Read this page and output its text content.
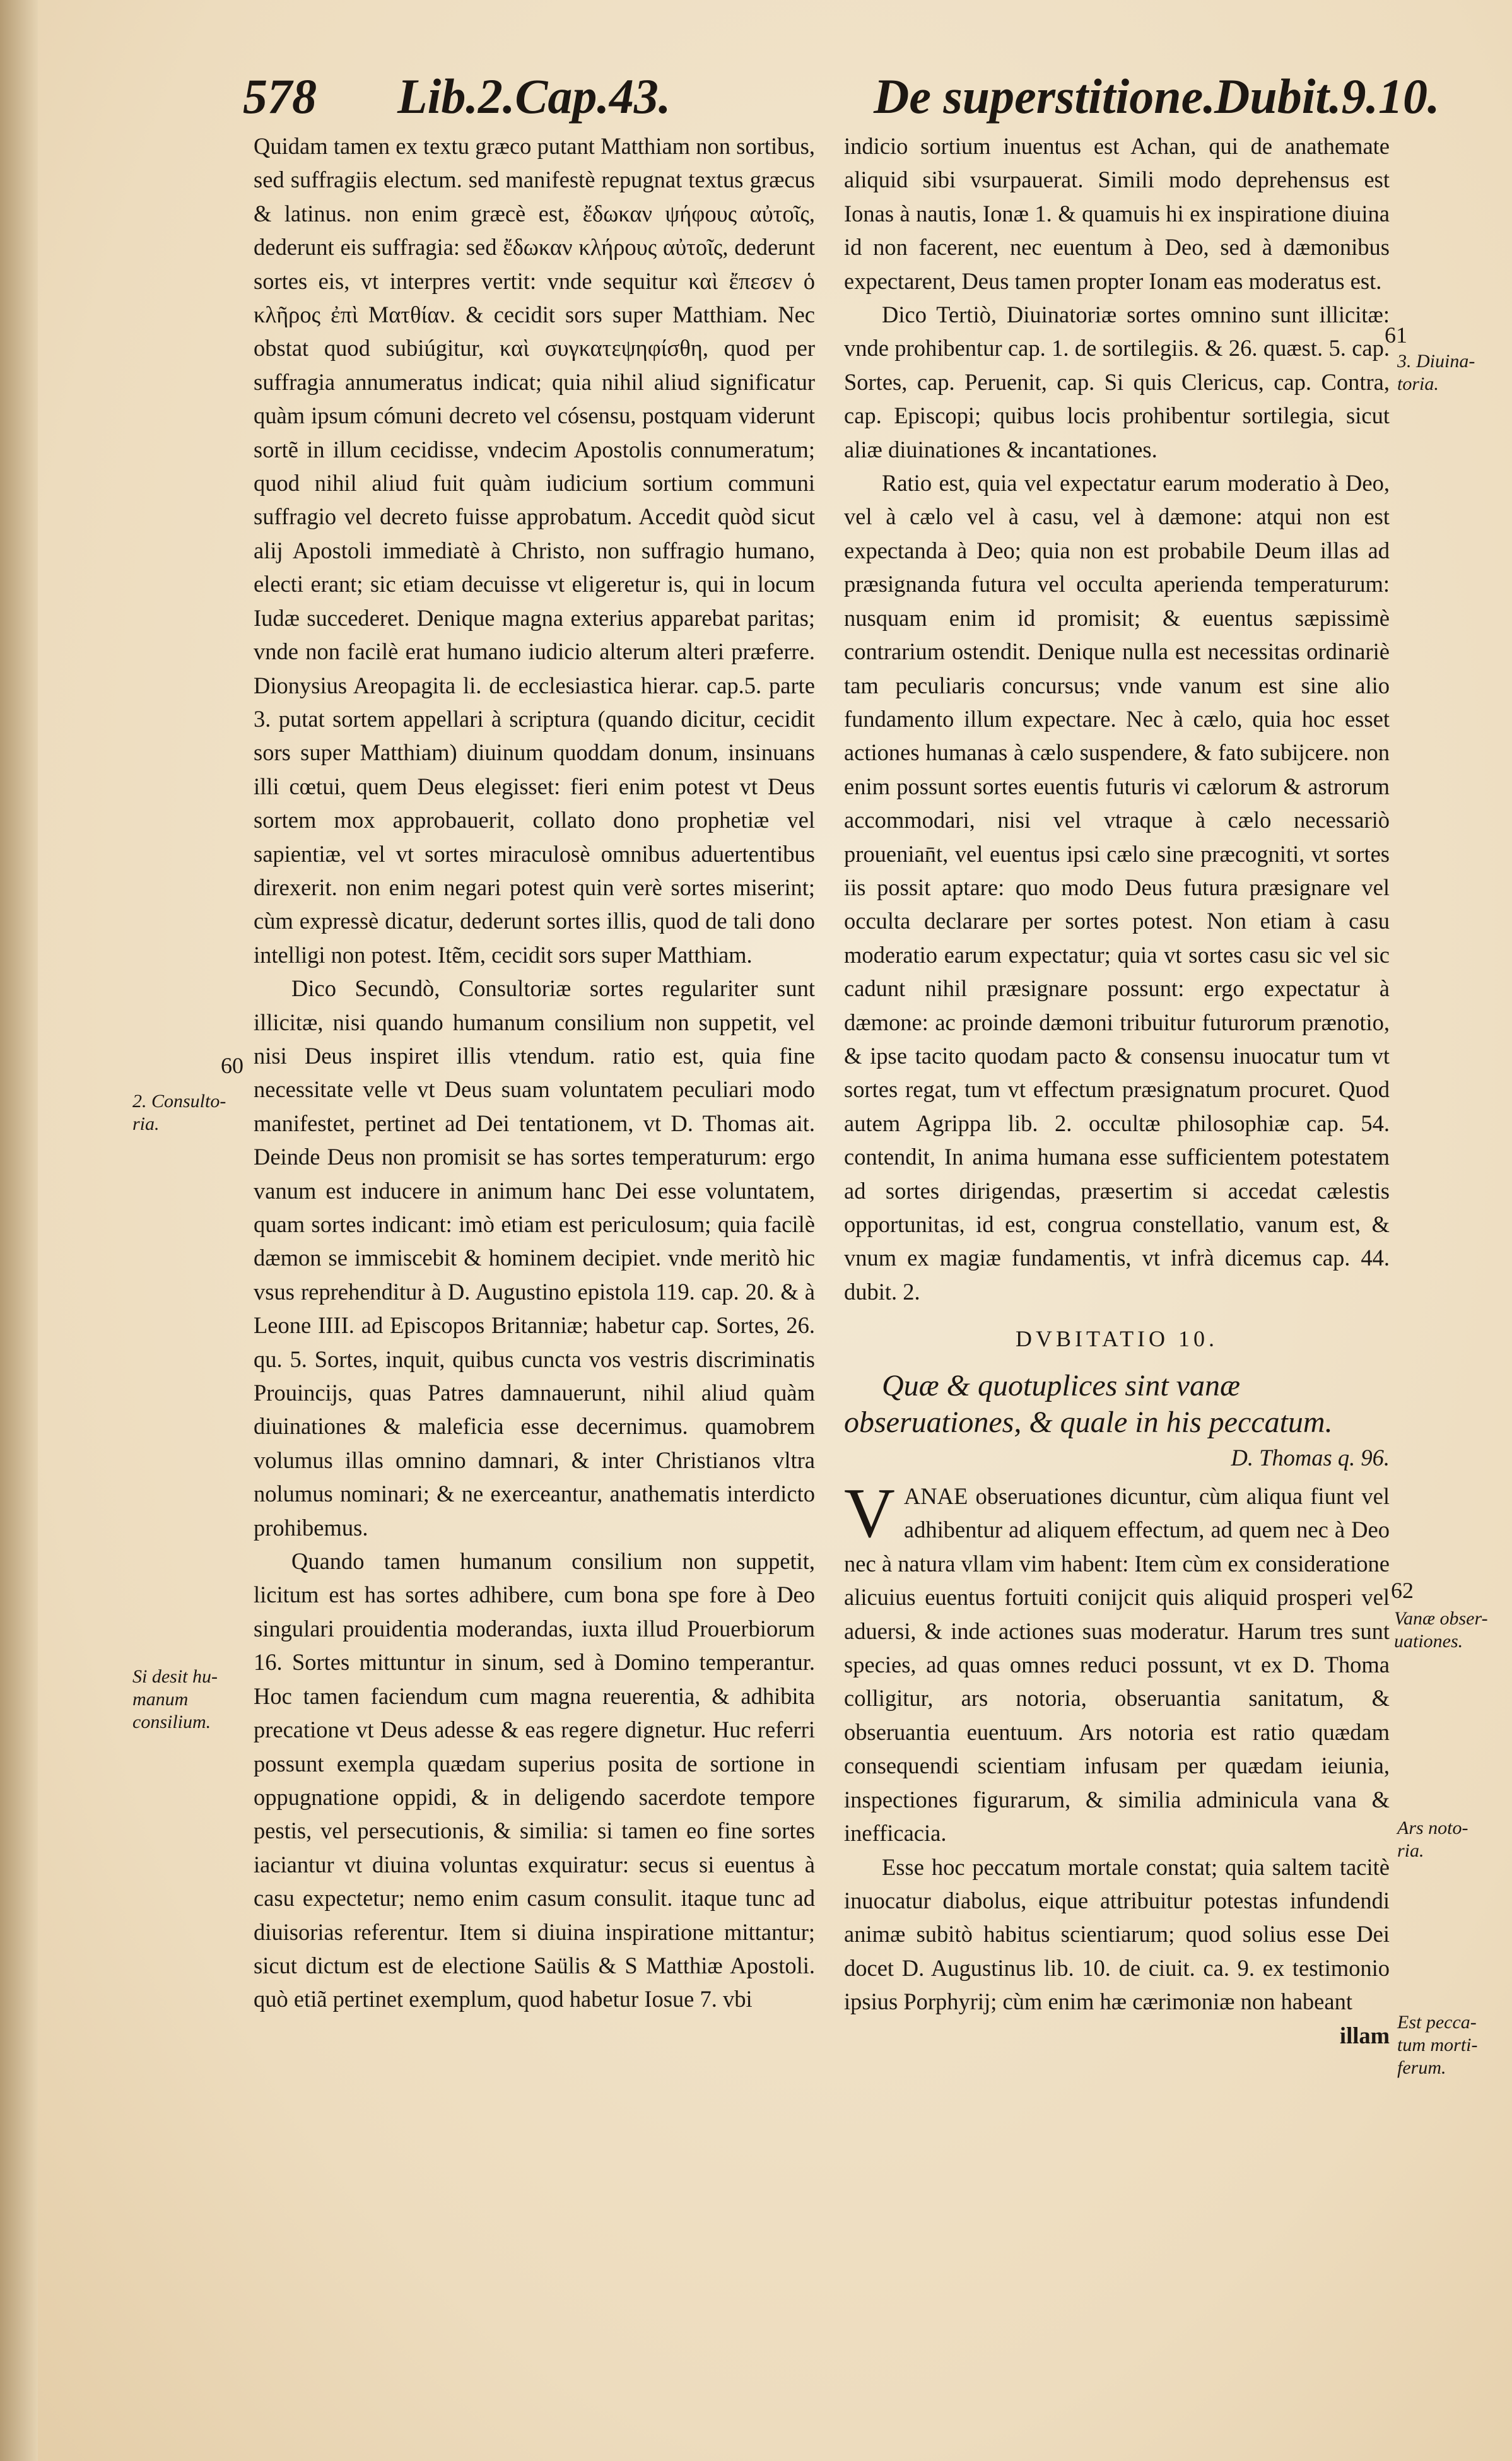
578 Lib.2.Cap.43.	De superstitione.
Dubit.9.10.

Quidam tamen ex textu græco putant Matthiam non sortibus, sed suffragiis electum. sed manifestè repugnat textus græcus & latinus. non enim græcè est, ἔδωκαν ψήφους αὐτοῖς, dederunt eis suffragia: sed ἔδωκαν κλήρους αὐτοῖς, dederunt sortes eis, vt interpres vertit: vnde sequitur καὶ ἔπεσεν ὁ κλῆρος ἐπὶ Ματθίαν. & cecidit sors super Matthiam. Nec obstat quod subiúgitur, καὶ συγκατεψηφίσθη, quod per suffragia annumeratus indicat; quia nihil aliud significatur quàm ipsum cómuni decreto vel cósensu, postquam viderunt sortẽ in illum cecidisse, vndecim Apostolis connumeratum; quod nihil aliud fuit quàm iudicium sortium communi suffragio vel decreto fuisse approbatum. Accedit quòd sicut alij Apostoli immediatè à Christo, non suffragio humano, electi erant; sic etiam decuisse vt eligeretur is, qui in locum Iudæ succederet. Denique magna exterius apparebat paritas; vnde non facilè erat humano iudicio alterum alteri præferre. Dionysius Areopagita li. de ecclesiastica hierar. cap.5. parte 3. putat sortem appellari à scriptura (quando dicitur, cecidit sors super Matthiam) diuinum quoddam donum, insinuans illi cœtui, quem Deus elegisset: fieri enim potest vt Deus sortem mox approbauerit, collato dono prophetiæ vel sapientiæ, vel vt sortes miraculosè omnibus aduertentibus direxerit. non enim negari potest quin verè sortes miserint; cùm expressè dicatur, dederunt sortes illis, quod de tali dono intelligi non potest. Itẽm, cecidit sors super Matthiam.

Dico Secundò, Consultoriæ sortes regulariter sunt illicitæ, nisi quando humanum consilium non suppetit, vel nisi Deus inspiret illis vtendum. ratio est, quia fine necessitate velle vt Deus suam voluntatem peculiari modo manifestet, pertinet ad Dei tentationem, vt D. Thomas ait. Deinde Deus non promisit se has sortes temperaturum: ergo vanum est inducere in animum hanc Dei esse voluntatem, quam sortes indicant: imò etiam est periculosum; quia facilè dæmon se immiscebit & hominem decipiet. vnde meritò hic vsus reprehenditur à D. Augustino epistola 119. cap. 20. & à Leone IIII. ad Episcopos Britanniæ; habetur cap. Sortes, 26. qu. 5. Sortes, inquit, quibus cuncta vos vestris discriminatis Prouincijs, quas Patres damnauerunt, nihil aliud quàm diuinationes & maleficia esse decernimus. quamobrem volumus illas omnino damnari, & inter Christianos vltra nolumus nominari; & ne exerceantur, anathematis interdicto prohibemus.

Quando tamen humanum consilium non suppetit, licitum est has sortes adhibere, cum bona spe fore à Deo singulari prouidentia moderandas, iuxta illud Prouerbiorum 16. Sortes mittuntur in sinum, sed à Domino temperantur. Hoc tamen faciendum cum magna reuerentia, & adhibita precatione vt Deus adesse & eas regere dignetur. Huc referri possunt exempla quædam superius posita de sortione in oppugnatione oppidi, & in deligendo sacerdote tempore pestis, vel persecutionis, & similia: si tamen eo fine sortes iaciantur vt diuina voluntas exquiratur: secus si euentus à casu expectetur; nemo enim casum consulit. itaque tunc ad diuisorias referentur. Item si diuina inspiratione mittantur; sicut dictum est de electione Saülis & S Matthiæ Apostoli. quò etiã pertinet exemplum, quod habetur Iosue 7. vbi

indicio sortium inuentus est Achan, qui de anathemate aliquid sibi vsurpauerat. Simili modo deprehensus est Ionas à nautis, Ionæ 1. & quamuis hi ex inspiratione diuina id non facerent, nec euentum à Deo, sed à dæmonibus expectarent, Deus tamen propter Ionam eas moderatus est.

Dico Tertiò, Diuinatoriæ sortes omnino sunt illicitæ: vnde prohibentur cap. 1. de sortilegiis. & 26. quæst. 5. cap. Sortes, cap. Peruenit, cap. Si quis Clericus, cap. Contra, cap. Episcopi; quibus locis prohibentur sortilegia, sicut aliæ diuinationes & incantationes.

Ratio est, quia vel expectatur earum moderatio à Deo, vel à cælo vel à casu, vel à dæmone: atqui non est expectanda à Deo; quia non est probabile Deum illas ad præsignanda futura vel occulta aperienda temperaturum: nusquam enim id promisit; & euentus sæpissimè contrarium ostendit. Denique nulla est necessitas ordinariè tam peculiaris concursus; vnde vanum est sine alio fundamento illum expectare. Nec à cælo, quia hoc esset actiones humanas à cælo suspendere, & fato subijcere. non enim possunt sortes euentis futuris vi cælorum & astrorum accommodari, nisi vel vtraque à cælo necessariò prouenian̄t, vel euentus ipsi cælo sine præcogniti, vt sortes iis possit aptare: quo modo Deus futura præsignare vel occulta declarare per sortes potest. Non etiam à casu moderatio earum expectatur; quia vt sortes casu sic vel sic cadunt nihil præsignare possunt: ergo expectatur à dæmone: ac proinde dæmoni tribuitur futurorum prænotio, & ipse tacito quodam pacto & consensu inuocatur tum vt sortes regat, tum vt effectum præsignatum procuret. Quod autem Agrippa lib. 2. occultæ philosophiæ cap. 54. contendit, In anima humana esse sufficientem potestatem ad sortes dirigendas, præsertim si accedat cælestis opportunitas, id est, congrua constellatio, vanum est, & vnum ex magiæ fundamentis, vt infrà dicemus cap. 44. dubit. 2.

DVBITATIO 10.

Quæ & quotuplices sint vanæ obseruationes, & quale in his peccatum.

D. Thomas q. 96.

VANAE obseruationes dicuntur, cùm aliqua fiunt vel adhibentur ad aliquem effectum, ad quem nec à Deo nec à natura vllam vim habent: Item cùm ex consideratione alicuius euentus fortuiti conijcit quis aliquid prosperi vel aduersi, & inde actiones suas moderatur. Harum tres sunt species, ad quas omnes reduci possunt, vt ex D. Thoma colligitur, ars notoria, obseruantia sanitatum, & obseruantia euentuum. Ars notoria est ratio quædam consequendi scientiam infusam per quædam ieiunia, inspectiones figurarum, & similia adminicula vana & inefficacia.

Esse hoc peccatum mortale constat; quia saltem tacitè inuocatur diabolus, eique attribuitur potestas infundendi animæ subitò habitus scientiarum; quod solius esse Dei docet D. Augustinus lib. 10. de ciuit. ca. 9. ex testimonio ipsius Porphyrij; cùm enim hæ cærimoniæ non habeant

illam
60
2. Consulto-
ria.
Si desit hu-
manum
consilium.
61
3. Diuina-
toria.
62
Vanæ obser-
uationes.
Ars noto-
ria.
Est pecca-
tum morti-
ferum.
